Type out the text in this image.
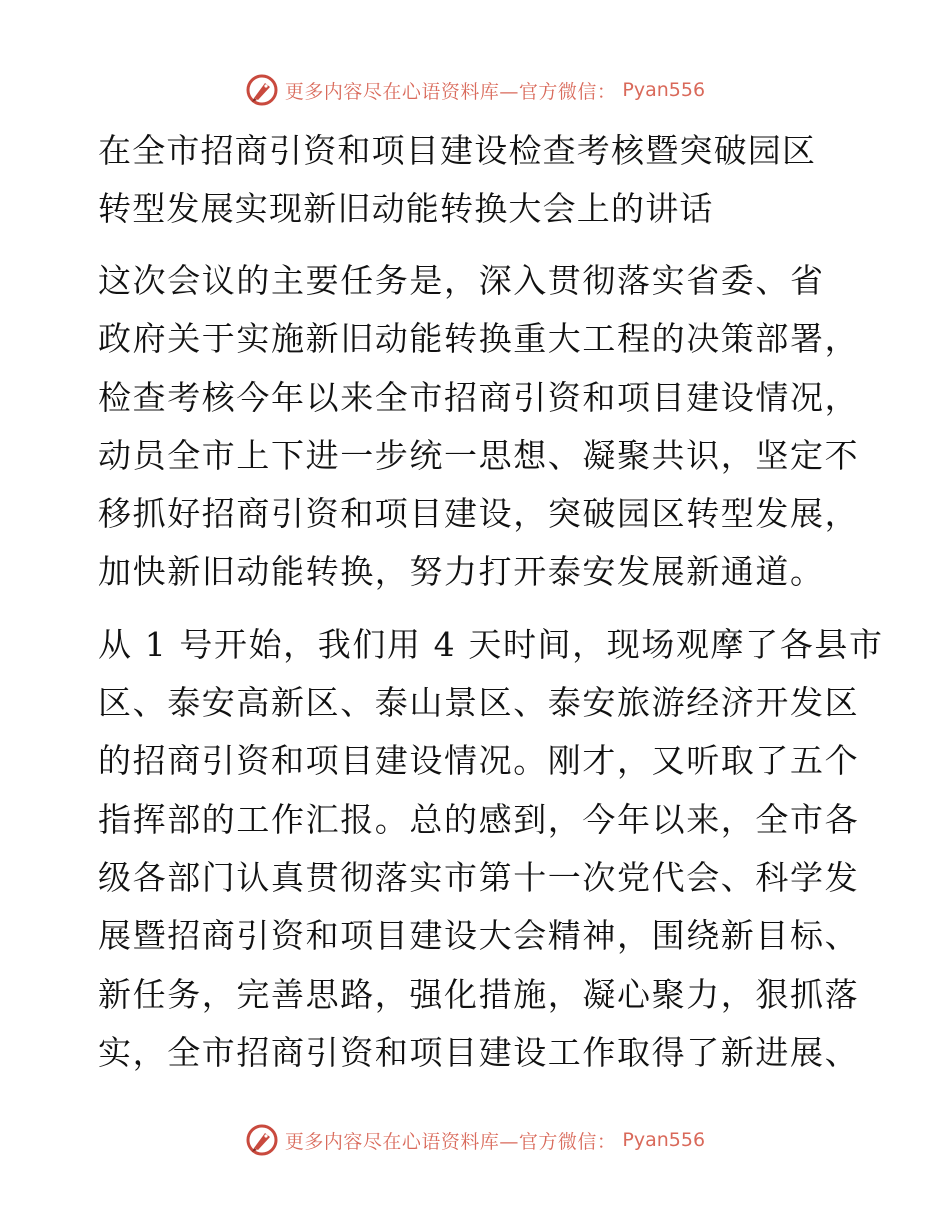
更多内容尽在心语资料库—官方微信： Pyan556
在全市招商引资和项目建设检查考核暨突破园区
转型发展实现新旧动能转换大会上的讲话

这次会议的主要任务是，深入贯彻落实省委、省
政府关于实施新旧动能转换重大工程的决策部署，
检查考核今年以来全市招商引资和项目建设情况，
动员全市上下进一步统一思想、凝聚共识，坚定不
移抓好招商引资和项目建设，突破园区转型发展，
加快新旧动能转换，努力打开泰安发展新通道。

从 1 号开始，我们用 4 天时间，现场观摩了各县市
区、泰安高新区、泰山景区、泰安旅游经济开发区
的招商引资和项目建设情况。刚才，又听取了五个
指挥部的工作汇报。总的感到，今年以来，全市各
级各部门认真贯彻落实市第十一次党代会、科学发
展暨招商引资和项目建设大会精神，围绕新目标、
新任务，完善思路，强化措施，凝心聚力，狠抓落
实，全市招商引资和项目建设工作取得了新进展、

更多内容尽在心语资料库—官方微信： Pyan556
